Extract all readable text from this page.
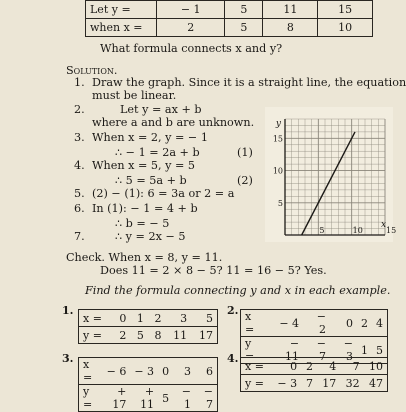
Let y =	− 1	5	11	15
when x =	2	5	8	10
What formula connects x and y?
Solution.
1. Draw the graph. Since it is a straight line, the equation
must be linear.
2.	Let y = ax + b
where a and b are unknown.
3. When x = 2, y = − 1
∴ − 1 = 2a + b	(1)
4. When x = 5, y = 5
∴ 5 = 5a + b	(2)
5. (2) − (1): 6 = 3a or 2 = a
6. In (1): − 1 = 4 + b
∴ b = − 5
7.	∴ y = 2x − 5
Check. When x = 8, y = 11.
Does 11 = 2 × 8 − 5? 11 = 16 − 5? Yes.
Find the formula connecting y and x in each example.
5	10	15
5
10
15
y
x
1.
x =	0	1	2	3	5
y =	2	5	8	11	17
2. x =	− 4	− 2	0	2	4
y =	− 11	− 7	− 3	1	5
3. x =	− 6	− 3	0	3	6
y =	+ 17	+ 11	5	− 1	− 7
4.
x =	0	2	4	7	10
y =	− 3	7	17	32	47
